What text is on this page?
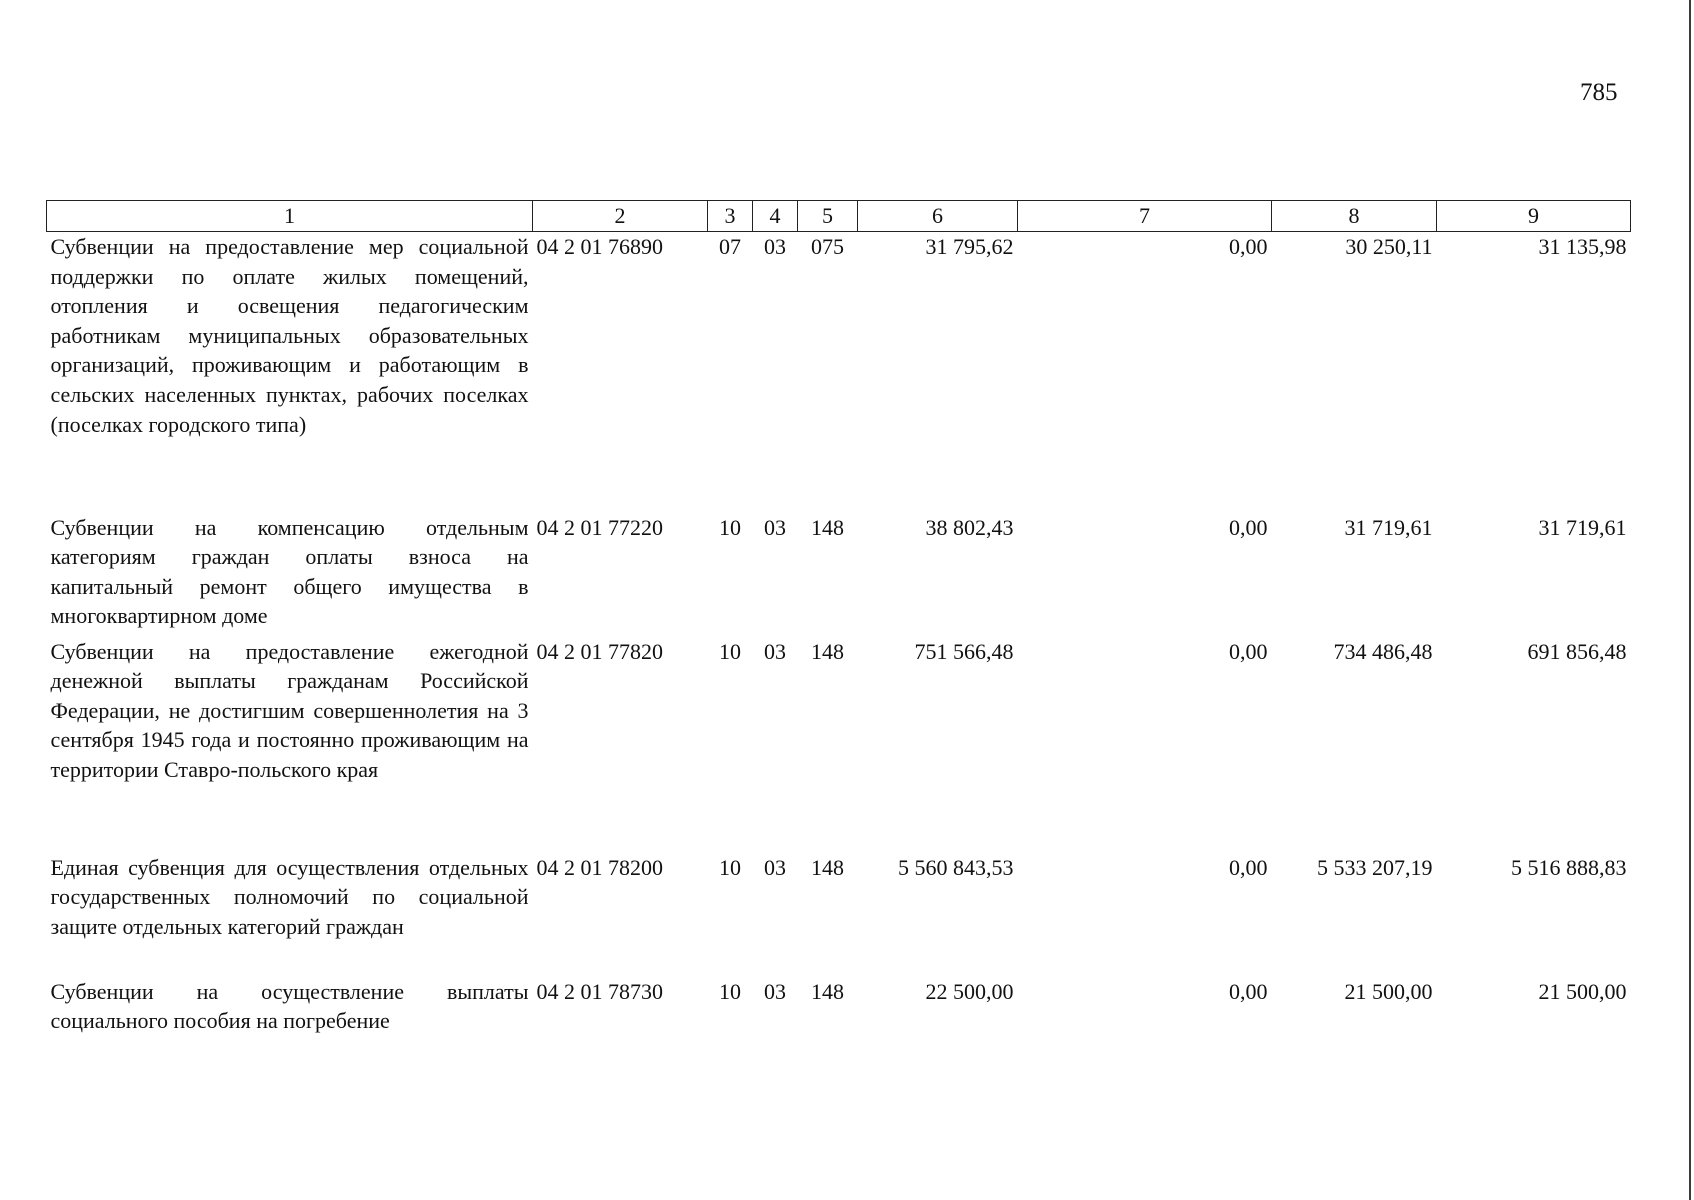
785
1	2	3	4	5	6	7	8	9
Субвенции на предоставление мер социальной поддержки по оплате жилых помещений, отопления и освещения педагогическим работникам муниципальных образовательных организаций, проживающим и работающим в сельских населенных пунктах, рабочих поселках (поселках городского типа)	04 2 01 76890	07	03	075	31 795,62	0,00	30 250,11	31 135,98
Субвенции на компенсацию отдельным категориям граждан оплаты взноса на капитальный ремонт общего имущества в многоквартирном доме	04 2 01 77220	10	03	148	38 802,43	0,00	31 719,61	31 719,61
Субвенции на предоставление ежегодной денежной выплаты гражданам Российской Федерации, не достигшим совершеннолетия на 3 сентября 1945 года и постоянно проживающим на территории Ставро-польского края	04 2 01 77820	10	03	148	751 566,48	0,00	734 486,48	691 856,48
Единая субвенция для осуществления отдельных государственных полномочий по социальной защите отдельных категорий граждан	04 2 01 78200	10	03	148	5 560 843,53	0,00	5 533 207,19	5 516 888,83
Субвенции на осуществление выплаты социального пособия на погребение	04 2 01 78730	10	03	148	22 500,00	0,00	21 500,00	21 500,00
